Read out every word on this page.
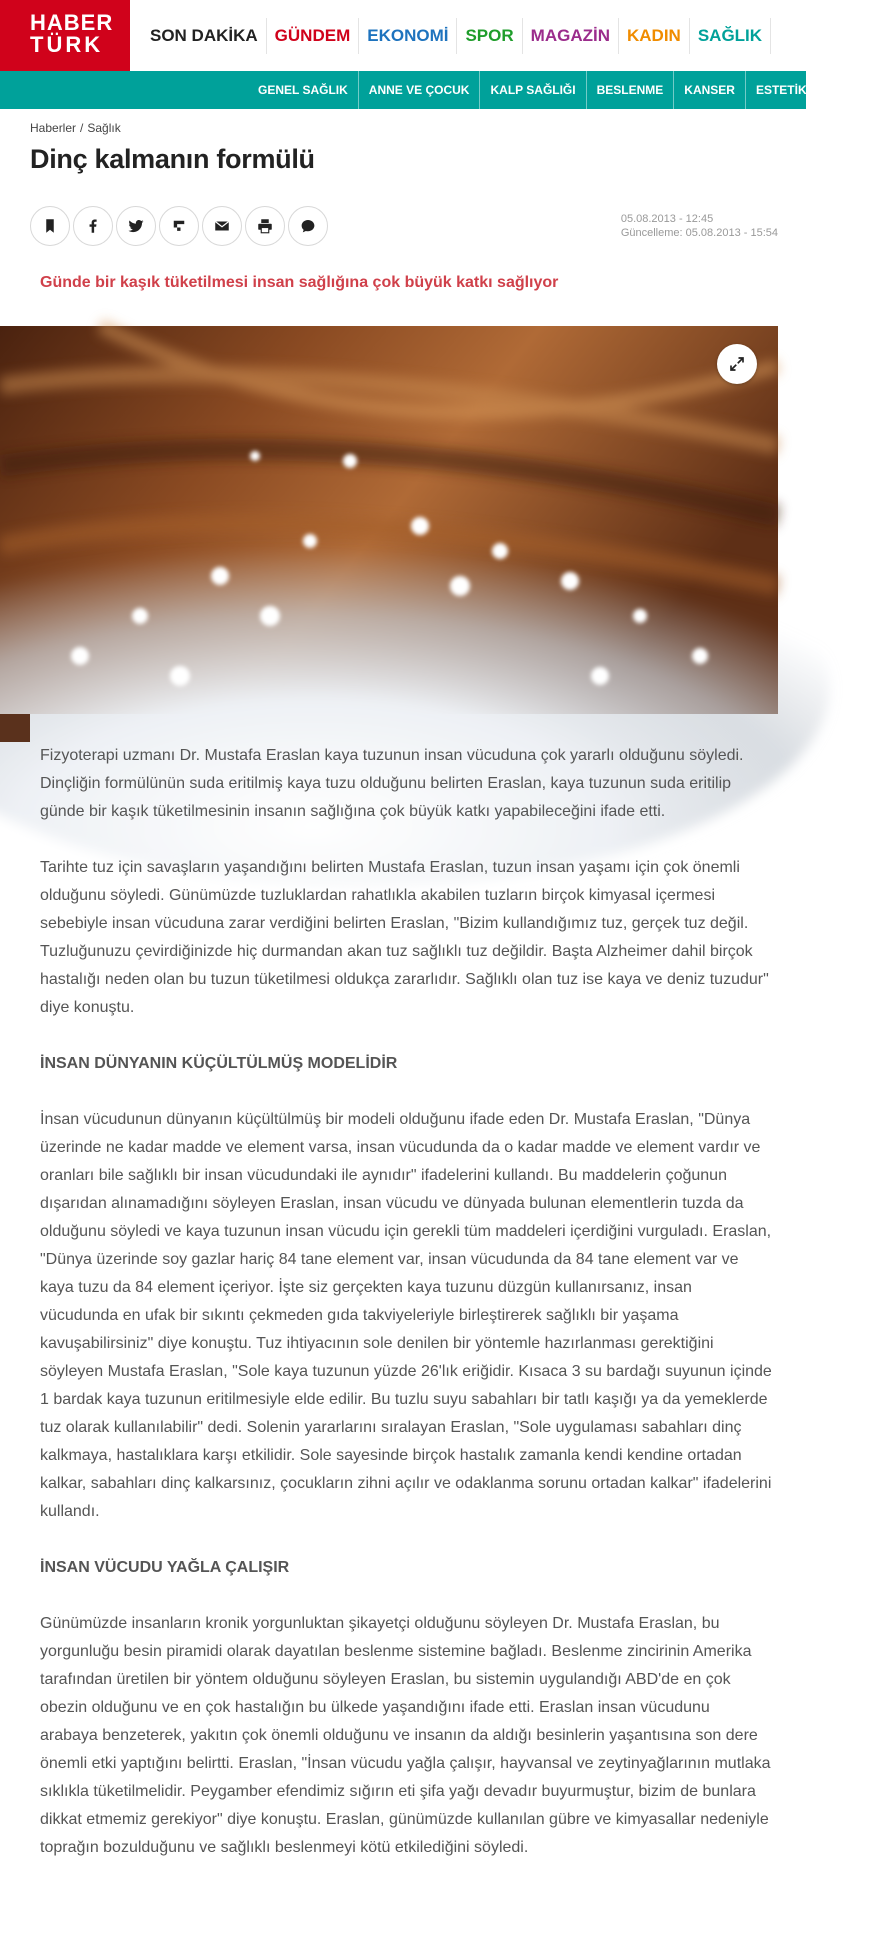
HABER
TÜRK	SON DAKİKA	GÜNDEM	EKONOMİ	SPOR	MAGAZİN	KADIN	SAĞLIK
GENEL SAĞLIK	ANNE VE ÇOCUK	KALP SAĞLIĞI	BESLENME	KANSER	ESTETİK CERRAHİ
Haberler / Sağlık
Dinç kalmanın formülü
05.08.2013 - 12:45
Güncelleme: 05.08.2013 - 15:54
Günde bir kaşık tüketilmesi insan sağlığına çok büyük katkı sağlıyor

Fizyoterapi uzmanı Dr. Mustafa Eraslan kaya tuzunun insan vücuduna çok yararlı olduğunu söyledi. Dinçliğin formülünün suda eritilmiş kaya tuzu olduğunu belirten Eraslan, kaya tuzunun suda eritilip günde bir kaşık tüketilmesinin insanın sağlığına çok büyük katkı yapabileceğini ifade etti.

Tarihte tuz için savaşların yaşandığını belirten Mustafa Eraslan, tuzun insan yaşamı için çok önemli olduğunu söyledi. Günümüzde tuzluklardan rahatlıkla akabilen tuzların birçok kimyasal içermesi sebebiyle insan vücuduna zarar verdiğini belirten Eraslan, "Bizim kullandığımız tuz, gerçek tuz değil. Tuzluğunuzu çevirdiğinizde hiç durmandan akan tuz sağlıklı tuz değildir. Başta Alzheimer dahil birçok hastalığı neden olan bu tuzun tüketilmesi oldukça zararlıdır. Sağlıklı olan tuz ise kaya ve deniz tuzudur" diye konuştu.

İNSAN DÜNYANIN KÜÇÜLTÜLMÜŞ MODELİDİR

İnsan vücudunun dünyanın küçültülmüş bir modeli olduğunu ifade eden Dr. Mustafa Eraslan, "Dünya üzerinde ne kadar madde ve element varsa, insan vücudunda da o kadar madde ve element vardır ve oranları bile sağlıklı bir insan vücudundaki ile aynıdır" ifadelerini kullandı. Bu maddelerin çoğunun dışarıdan alınamadığını söyleyen Eraslan, insan vücudu ve dünyada bulunan elementlerin tuzda da olduğunu söyledi ve kaya tuzunun insan vücudu için gerekli tüm maddeleri içerdiğini vurguladı. Eraslan, "Dünya üzerinde soy gazlar hariç 84 tane element var, insan vücudunda da 84 tane element var ve kaya tuzu da 84 element içeriyor. İşte siz gerçekten kaya tuzunu düzgün kullanırsanız, insan vücudunda en ufak bir sıkıntı çekmeden gıda takviyeleriyle birleştirerek sağlıklı bir yaşama kavuşabilirsiniz" diye konuştu. Tuz ihtiyacının sole denilen bir yöntemle hazırlanması gerektiğini söyleyen Mustafa Eraslan, "Sole kaya tuzunun yüzde 26'lık eriğidir. Kısaca 3 su bardağı suyunun içinde 1 bardak kaya tuzunun eritilmesiyle elde edilir. Bu tuzlu suyu sabahları bir tatlı kaşığı ya da yemeklerde tuz olarak kullanılabilir" dedi. Solenin yararlarını sıralayan Eraslan, "Sole uygulaması sabahları dinç kalkmaya, hastalıklara karşı etkilidir. Sole sayesinde birçok hastalık zamanla kendi kendine ortadan kalkar, sabahları dinç kalkarsınız, çocukların zihni açılır ve odaklanma sorunu ortadan kalkar" ifadelerini kullandı.

İNSAN VÜCUDU YAĞLA ÇALIŞIR

Günümüzde insanların kronik yorgunluktan şikayetçi olduğunu söyleyen Dr. Mustafa Eraslan, bu yorgunluğu besin piramidi olarak dayatılan beslenme sistemine bağladı. Beslenme zincirinin Amerika tarafından üretilen bir yöntem olduğunu söyleyen Eraslan, bu sistemin uygulandığı ABD'de en çok obezin olduğunu ve en çok hastalığın bu ülkede yaşandığını ifade etti. Eraslan insan vücudunu arabaya benzeterek, yakıtın çok önemli olduğunu ve insanın da aldığı besinlerin yaşantısına son dere önemli etki yaptığını belirtti. Eraslan, "İnsan vücudu yağla çalışır, hayvansal ve zeytinyağlarının mutlaka sıklıkla tüketilmelidir. Peygamber efendimiz sığırın eti şifa yağı devadır buyurmuştur, bizim de bunlara dikkat etmemiz gerekiyor" diye konuştu. Eraslan, günümüzde kullanılan gübre ve kimyasallar nedeniyle toprağın bozulduğunu ve sağlıklı beslenmeyi kötü etkilediğini söyledi.
